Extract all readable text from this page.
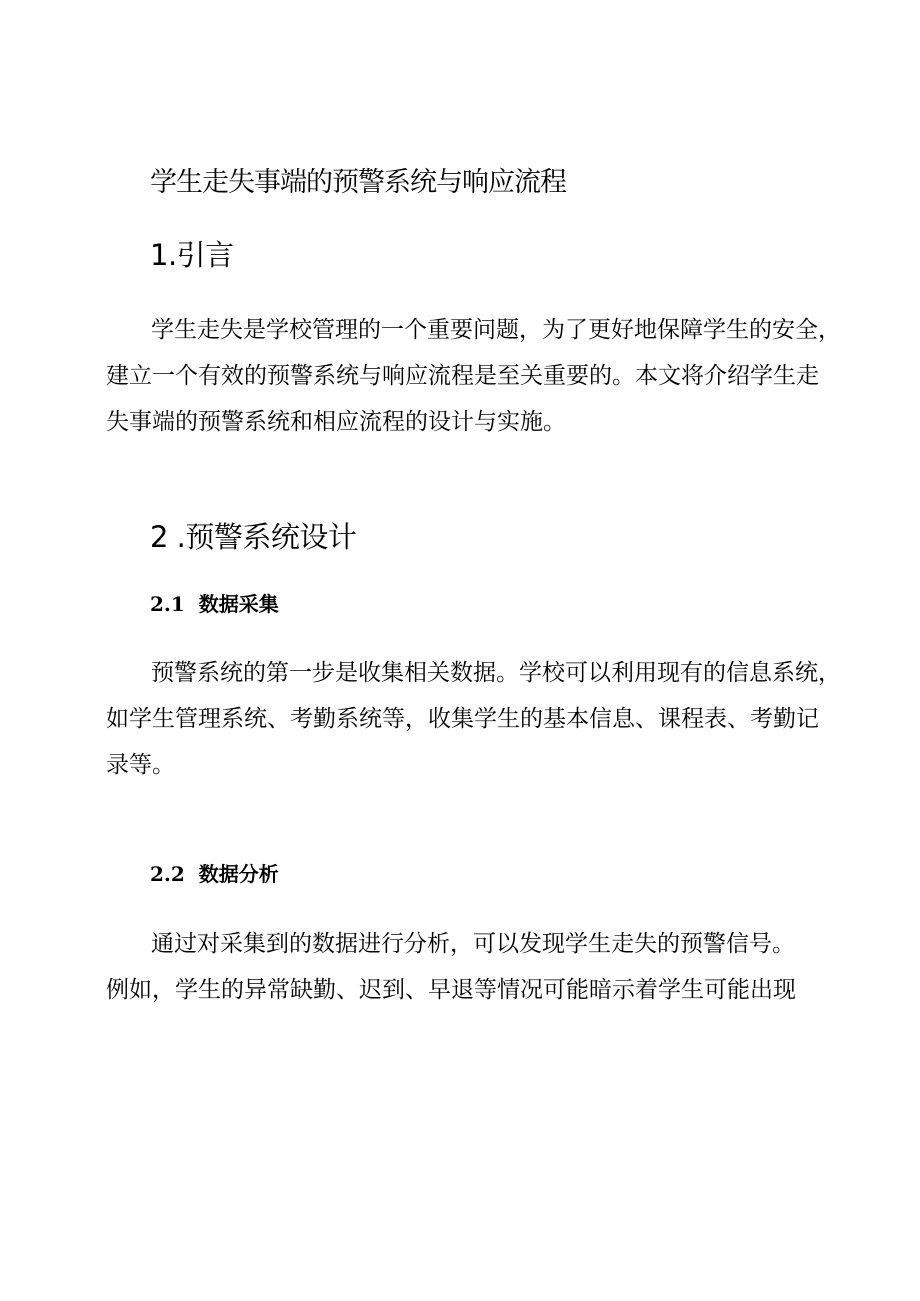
学生走失事端的预警系统与响应流程
1.引言

学生走失是学校管理的一个重要问题，为了更好地保障学生的安全，
建立一个有效的预警系统与响应流程是至关重要的。本文将介绍学生走
失事端的预警系统和相应流程的设计与实施。

2 .预警系统设计
2.1 数据采集

预警系统的第一步是收集相关数据。学校可以利用现有的信息系统，
如学生管理系统、考勤系统等，收集学生的基本信息、课程表、考勤记
录等。

2.2 数据分析

通过对采集到的数据进行分析，可以发现学生走失的预警信号。
例如，学生的异常缺勤、迟到、早退等情况可能暗示着学生可能出现
